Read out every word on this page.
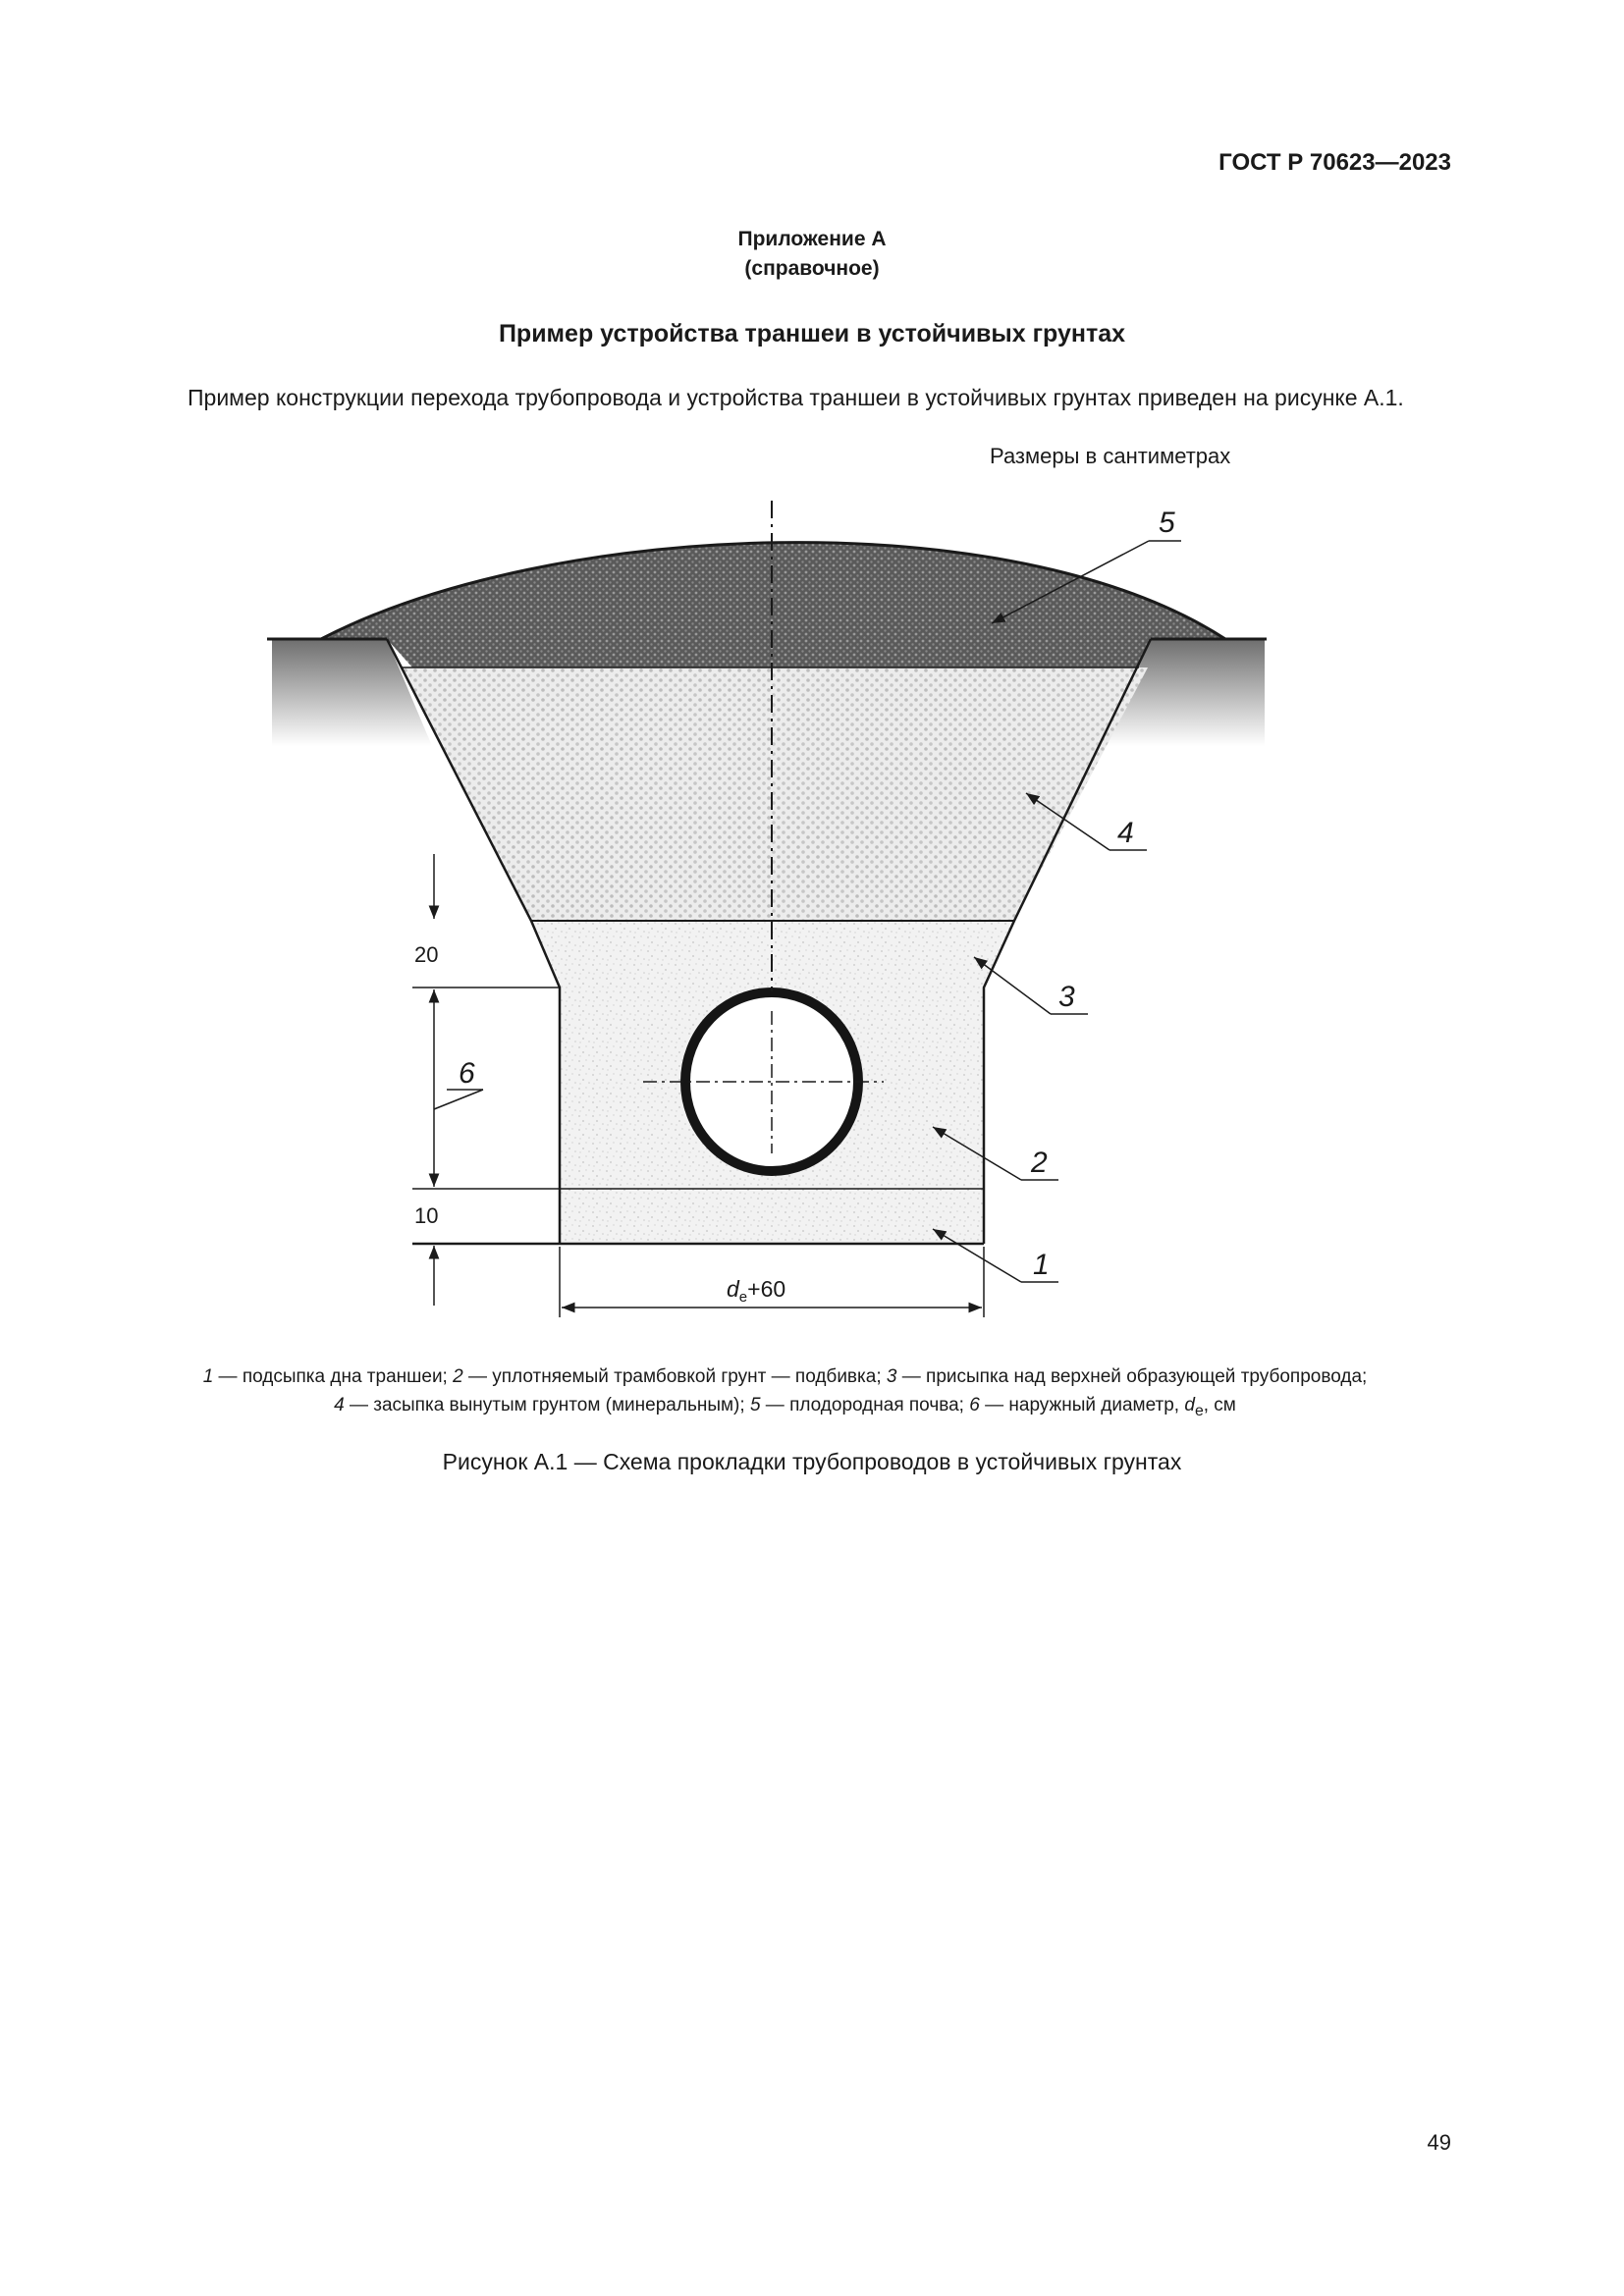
ГОСТ Р 70623—2023
Приложение А
(справочное)
Пример устройства траншеи в устойчивых грунтах
Пример конструкции перехода трубопровода и устройства траншеи в устойчивых грунтах приведен на рисунке А.1.
Размеры в сантиметрах
20
10
6
$d_e+60$
5
4
3
2
1
1 — подсыпка дна траншеи; 2 — уплотняемый трамбовкой грунт — подбивка; 3 — присыпка над верхней образующей трубопровода;
4 — засыпка вынутым грунтом (минеральным); 5 — плодородная почва; 6 — наружный диаметр, $d_e$, см
Рисунок А.1 — Схема прокладки трубопроводов в устойчивых грунтах
49
